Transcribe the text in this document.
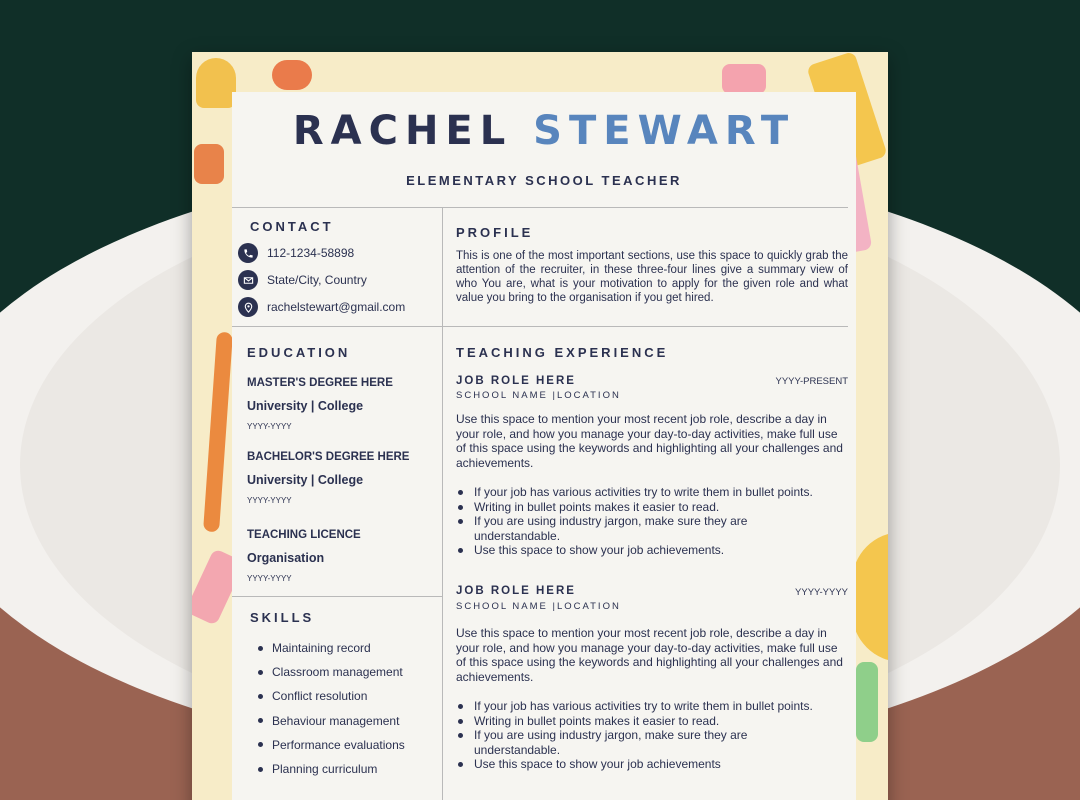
RACHEL STEWART
ELEMENTARY SCHOOL TEACHER
CONTACT
112-1234-58898
State/City, Country
rachelstewart@gmail.com
PROFILE
This is one of the most important sections, use this space to quickly grab the attention of the recruiter, in these three-four lines give a summary view of who You are, what is your motivation to apply for the given role and what value you bring to the organisation if you get hired.
EDUCATION
MASTER'S DEGREE HERE
University | College
YYYY-YYYY
BACHELOR'S DEGREE HERE
University | College
YYYY-YYYY
TEACHING LICENCE
Organisation
YYYY-YYYY
SKILLS
Maintaining record
Classroom management
Conflict resolution
Behaviour management
Performance evaluations
Planning curriculum
TEACHING EXPERIENCE
JOB ROLE HERE	YYYY-PRESENT
SCHOOL NAME |LOCATION
Use this space to mention your most recent job role, describe a day in your role, and how you manage your day-to-day activities, make full use of this space using the keywords and highlighting all your challenges and achievements.
If your job has various activities try to write them in bullet points.
Writing in bullet points makes it easier to read.
If you are using industry jargon, make sure they are understandable.
Use this space to show your job achievements.
JOB ROLE HERE	YYYY-YYYY
SCHOOL NAME |LOCATION
Use this space to mention your most recent job role, describe a day in your role, and how you manage your day-to-day activities, make full use of this space using the keywords and highlighting all your challenges and achievements.
If your job has various activities try to write them in bullet points.
Writing in bullet points makes it easier to read.
If you are using industry jargon, make sure they are understandable.
Use this space to show your job achievements
